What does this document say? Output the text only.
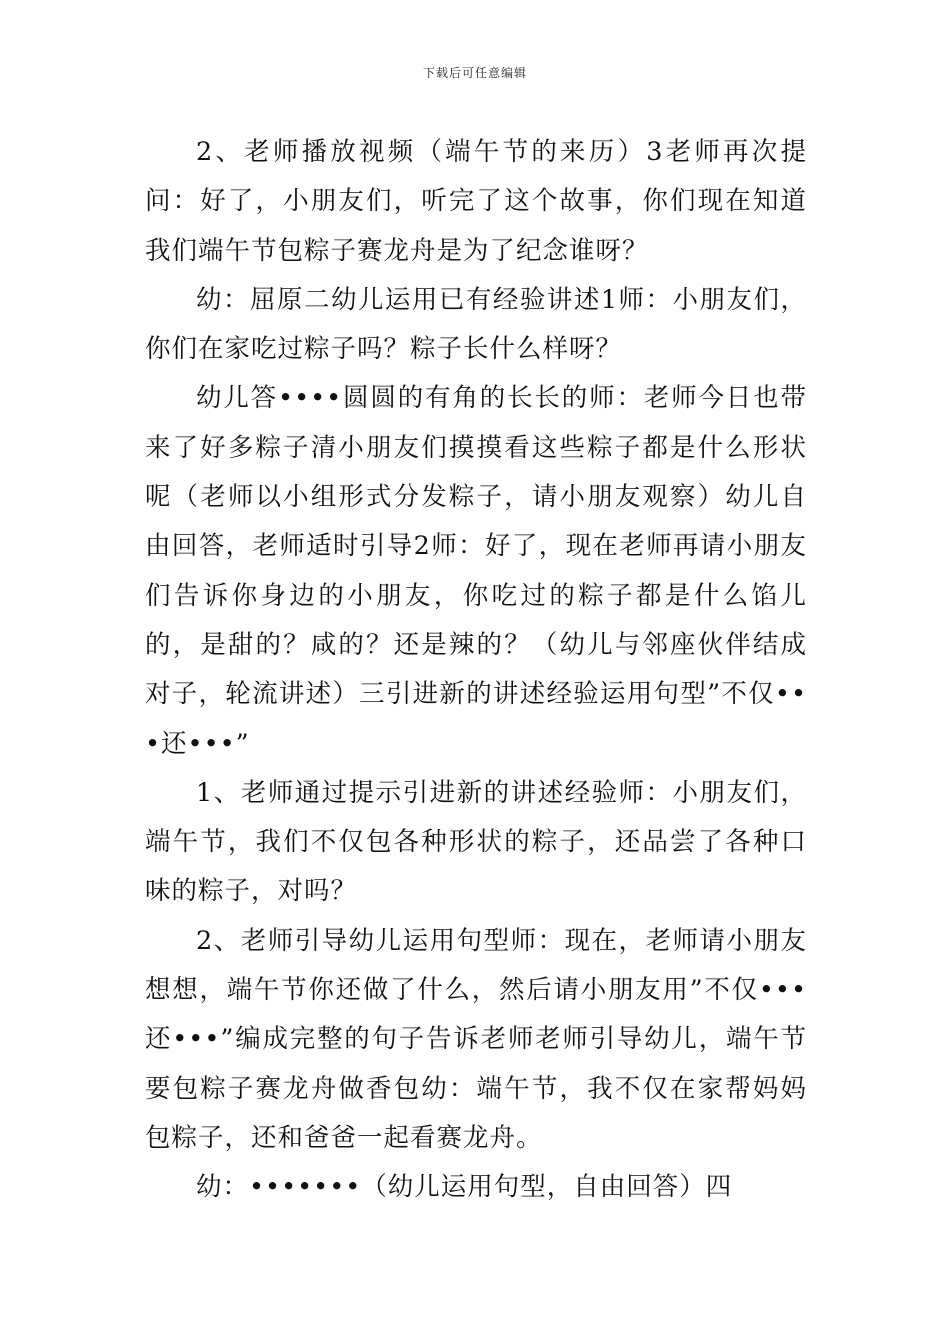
下载后可任意编辑

2、老师播放视频（端午节的来历）3老师再次提问：好了，小朋友们，听完了这个故事，你们现在知道我们端午节包粽子赛龙舟是为了纪念谁呀？

幼：屈原二幼儿运用已有经验讲述1师：小朋友们，你们在家吃过粽子吗？粽子长什么样呀？

幼儿答••••圆圆的有角的长长的师：老师今日也带来了好多粽子清小朋友们摸摸看这些粽子都是什么形状呢（老师以小组形式分发粽子，请小朋友观察）幼儿自由回答，老师适时引导2师：好了，现在老师再请小朋友们告诉你身边的小朋友，你吃过的粽子都是什么馅儿的，是甜的？咸的？还是辣的？（幼儿与邻座伙伴结成对子，轮流讲述）三引进新的讲述经验运用句型”不仅•••还•••”

1、老师通过提示引进新的讲述经验师：小朋友们，端午节，我们不仅包各种形状的粽子，还品尝了各种口味的粽子，对吗？

2、老师引导幼儿运用句型师：现在，老师请小朋友想想，端午节你还做了什么，然后请小朋友用”不仅•••还•••”编成完整的句子告诉老师老师引导幼儿，端午节要包粽子赛龙舟做香包幼：端午节，我不仅在家帮妈妈包粽子，还和爸爸一起看赛龙舟。

幼：•••••••（幼儿运用句型，自由回答）四
